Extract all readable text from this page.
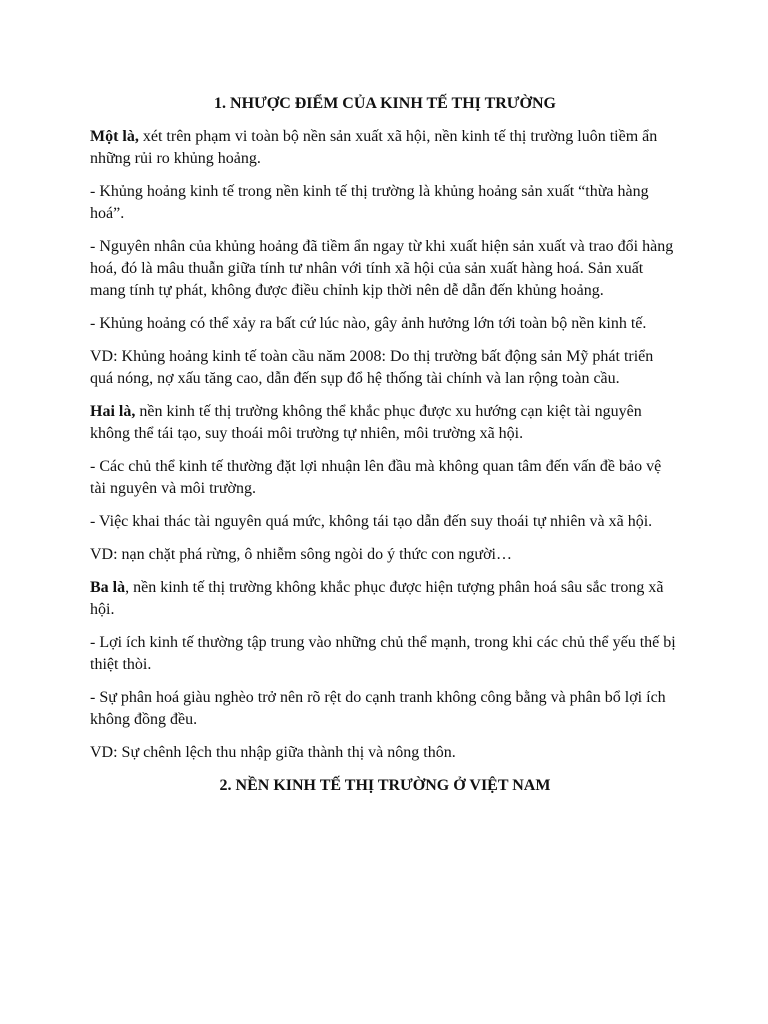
1. NHƯỢC ĐIỂM CỦA KINH TẾ THỊ TRƯỜNG

Một là, xét trên phạm vi toàn bộ nền sản xuất xã hội, nền kinh tế thị trường luôn tiềm ẩn những rủi ro khủng hoảng.

- Khủng hoảng kinh tế trong nền kinh tế thị trường là khủng hoảng sản xuất “thừa hàng hoá”.

- Nguyên nhân của khủng hoảng đã tiềm ẩn ngay từ khi xuất hiện sản xuất và trao đổi hàng hoá, đó là mâu thuẫn giữa tính tư nhân với tính xã hội của sản xuất hàng hoá. Sản xuất mang tính tự phát, không được điều chỉnh kịp thời nên dễ dẫn đến khủng hoảng.

- Khủng hoảng có thể xảy ra bất cứ lúc nào, gây ảnh hưởng lớn tới toàn bộ nền kinh tế.

VD: Khủng hoảng kinh tế toàn cầu năm 2008: Do thị trường bất động sản Mỹ phát triển quá nóng, nợ xấu tăng cao, dẫn đến sụp đổ hệ thống tài chính và lan rộng toàn cầu.

Hai là, nền kinh tế thị trường không thể khắc phục được xu hướng cạn kiệt tài nguyên không thể tái tạo, suy thoái môi trường tự nhiên, môi trường xã hội.

- Các chủ thể kinh tế thường đặt lợi nhuận lên đầu mà không quan tâm đến vấn đề bảo vệ tài nguyên và môi trường.

- Việc khai thác tài nguyên quá mức, không tái tạo dẫn đến suy thoái tự nhiên và xã hội.

VD: nạn chặt phá rừng, ô nhiễm sông ngòi do ý thức con người…

Ba là, nền kinh tế thị trường không khắc phục được hiện tượng phân hoá sâu sắc trong xã hội.

- Lợi ích kinh tế thường tập trung vào những chủ thể mạnh, trong khi các chủ thể yếu thế bị thiệt thòi.

- Sự phân hoá giàu nghèo trở nên rõ rệt do cạnh tranh không công bằng và phân bổ lợi ích không đồng đều.

VD: Sự chênh lệch thu nhập giữa thành thị và nông thôn.

2. NỀN KINH TẾ THỊ TRƯỜNG Ở VIỆT NAM
